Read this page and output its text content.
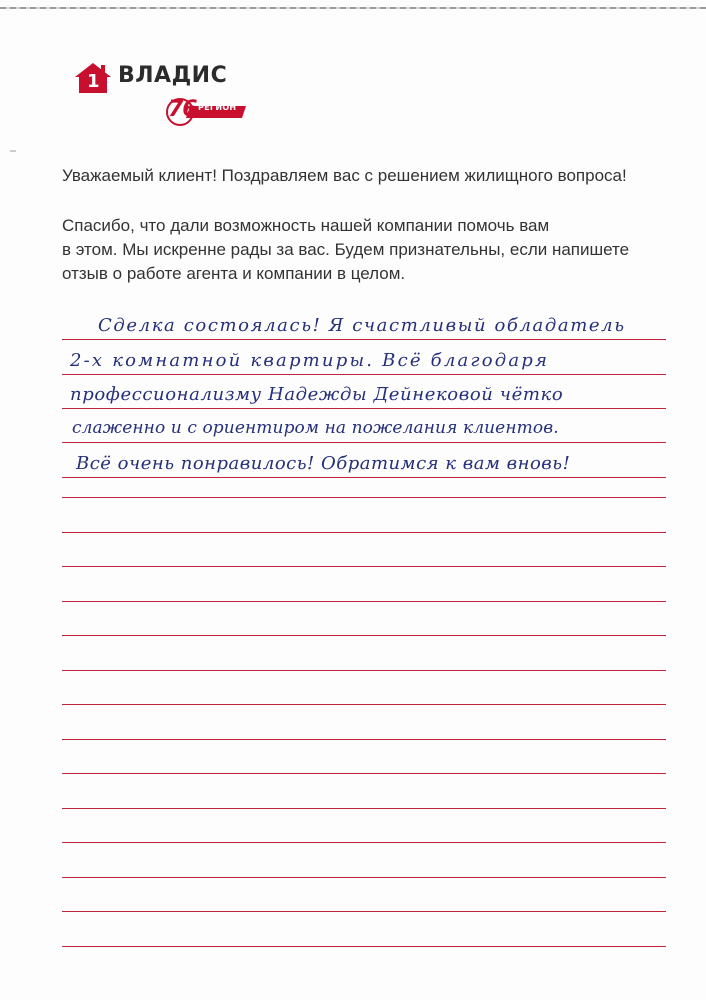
1 ВЛАДИС
76 РЕГИОН
Уважаемый клиент! Поздравляем вас с решением жилищного вопроса!
Спасибо, что дали возможность нашей компании помочь вам
в этом. Мы искренне рады за вас. Будем признательны, если напишете
отзыв о работе агента и компании в целом.
Сделка состоялась! Я счастливый обладатель
2-х комнатной квартиры. Всё благодаря
профессионализму Надежды Дейнековой чётко
слаженно и с ориентиром на пожелания клиентов.
Всё очень понравилось! Обратимся к вам вновь!
